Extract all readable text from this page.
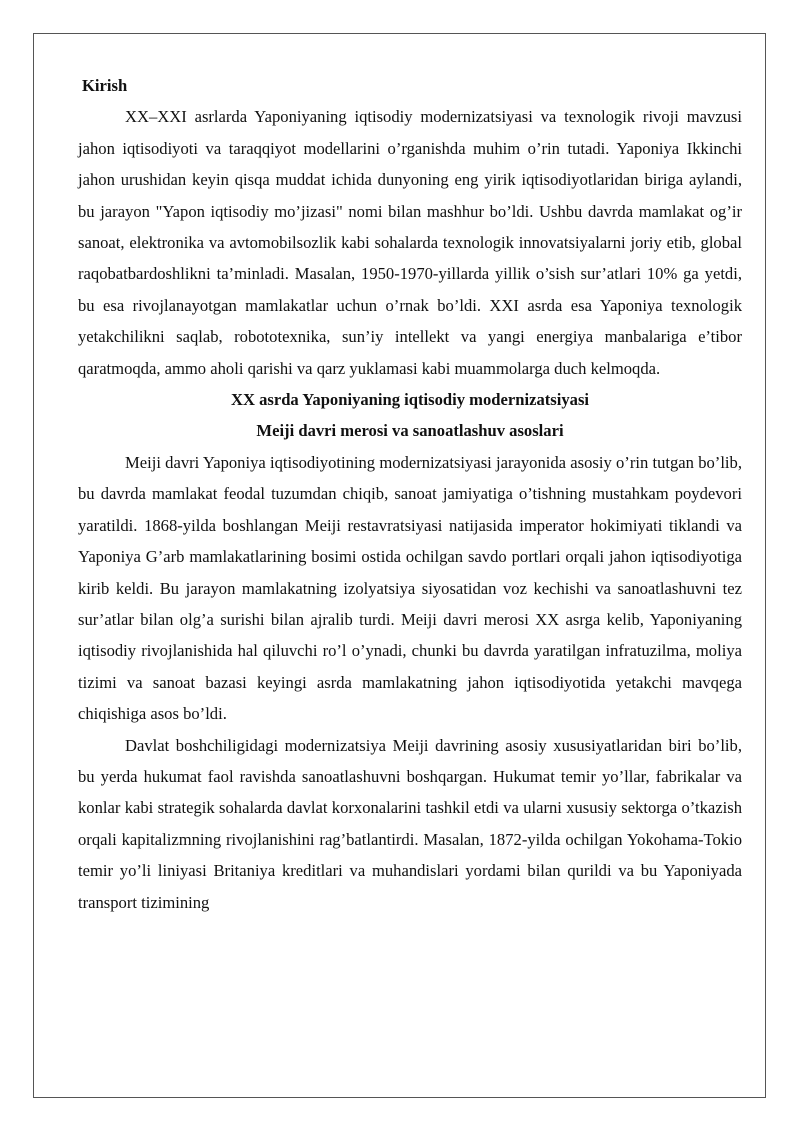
Kirish

XX–XXI asrlarda Yaponiyaning iqtisodiy modernizatsiyasi va texnologik rivoji mavzusi jahon iqtisodiyoti va taraqqiyot modellarini o’rganishda muhim o’rin tutadi. Yaponiya Ikkinchi jahon urushidan keyin qisqa muddat ichida dunyoning eng yirik iqtisodiyotlaridan biriga aylandi, bu jarayon "Yapon iqtisodiy mo’jizasi" nomi bilan mashhur bo’ldi. Ushbu davrda mamlakat og’ir sanoat, elektronika va avtomobilsozlik kabi sohalarda texnologik innovatsiyalarni joriy etib, global raqobatbardoshlikni ta’minladi. Masalan, 1950-1970-yillarda yillik o’sish sur’atlari 10% ga yetdi, bu esa rivojlanayotgan mamlakatlar uchun o’rnak bo’ldi. XXI asrda esa Yaponiya texnologik yetakchilikni saqlab, robototexnika, sun’iy intellekt va yangi energiya manbalariga e’tibor qaratmoqda, ammo aholi qarishi va qarz yuklamasi kabi muammolarga duch kelmoqda.

XX asrda Yaponiyaning iqtisodiy modernizatsiyasi

Meiji davri merosi va sanoatlashuv asoslari

Meiji davri Yaponiya iqtisodiyotining modernizatsiyasi jarayonida asosiy o’rin tutgan bo’lib, bu davrda mamlakat feodal tuzumdan chiqib, sanoat jamiyatiga o’tishning mustahkam poydevori yaratildi. 1868-yilda boshlangan Meiji restavratsiyasi natijasida imperator hokimiyati tiklandi va Yaponiya G’arb mamlakatlarining bosimi ostida ochilgan savdo portlari orqali jahon iqtisodiyotiga kirib keldi. Bu jarayon mamlakatning izolyatsiya siyosatidan voz kechishi va sanoatlashuvni tez sur’atlar bilan olg’a surishi bilan ajralib turdi. Meiji davri merosi XX asrga kelib, Yaponiyaning iqtisodiy rivojlanishida hal qiluvchi ro’l o’ynadi, chunki bu davrda yaratilgan infratuzilma, moliya tizimi va sanoat bazasi keyingi asrda mamlakatning jahon iqtisodiyotida yetakchi mavqega chiqishiga asos bo’ldi.

Davlat boshchiligidagi modernizatsiya Meiji davrining asosiy xususiyatlaridan biri bo’lib, bu yerda hukumat faol ravishda sanoatlashuvni boshqargan. Hukumat temir yo’llar, fabrikalar va konlar kabi strategik sohalarda davlat korxonalarini tashkil etdi va ularni xususiy sektorga o’tkazish orqali kapitalizmning rivojlanishini rag’batlantirdi. Masalan, 1872-yilda ochilgan Yokohama-Tokio temir yo’li liniyasi Britaniya kreditlari va muhandislari yordami bilan qurildi va bu Yaponiyada transport tizimining
